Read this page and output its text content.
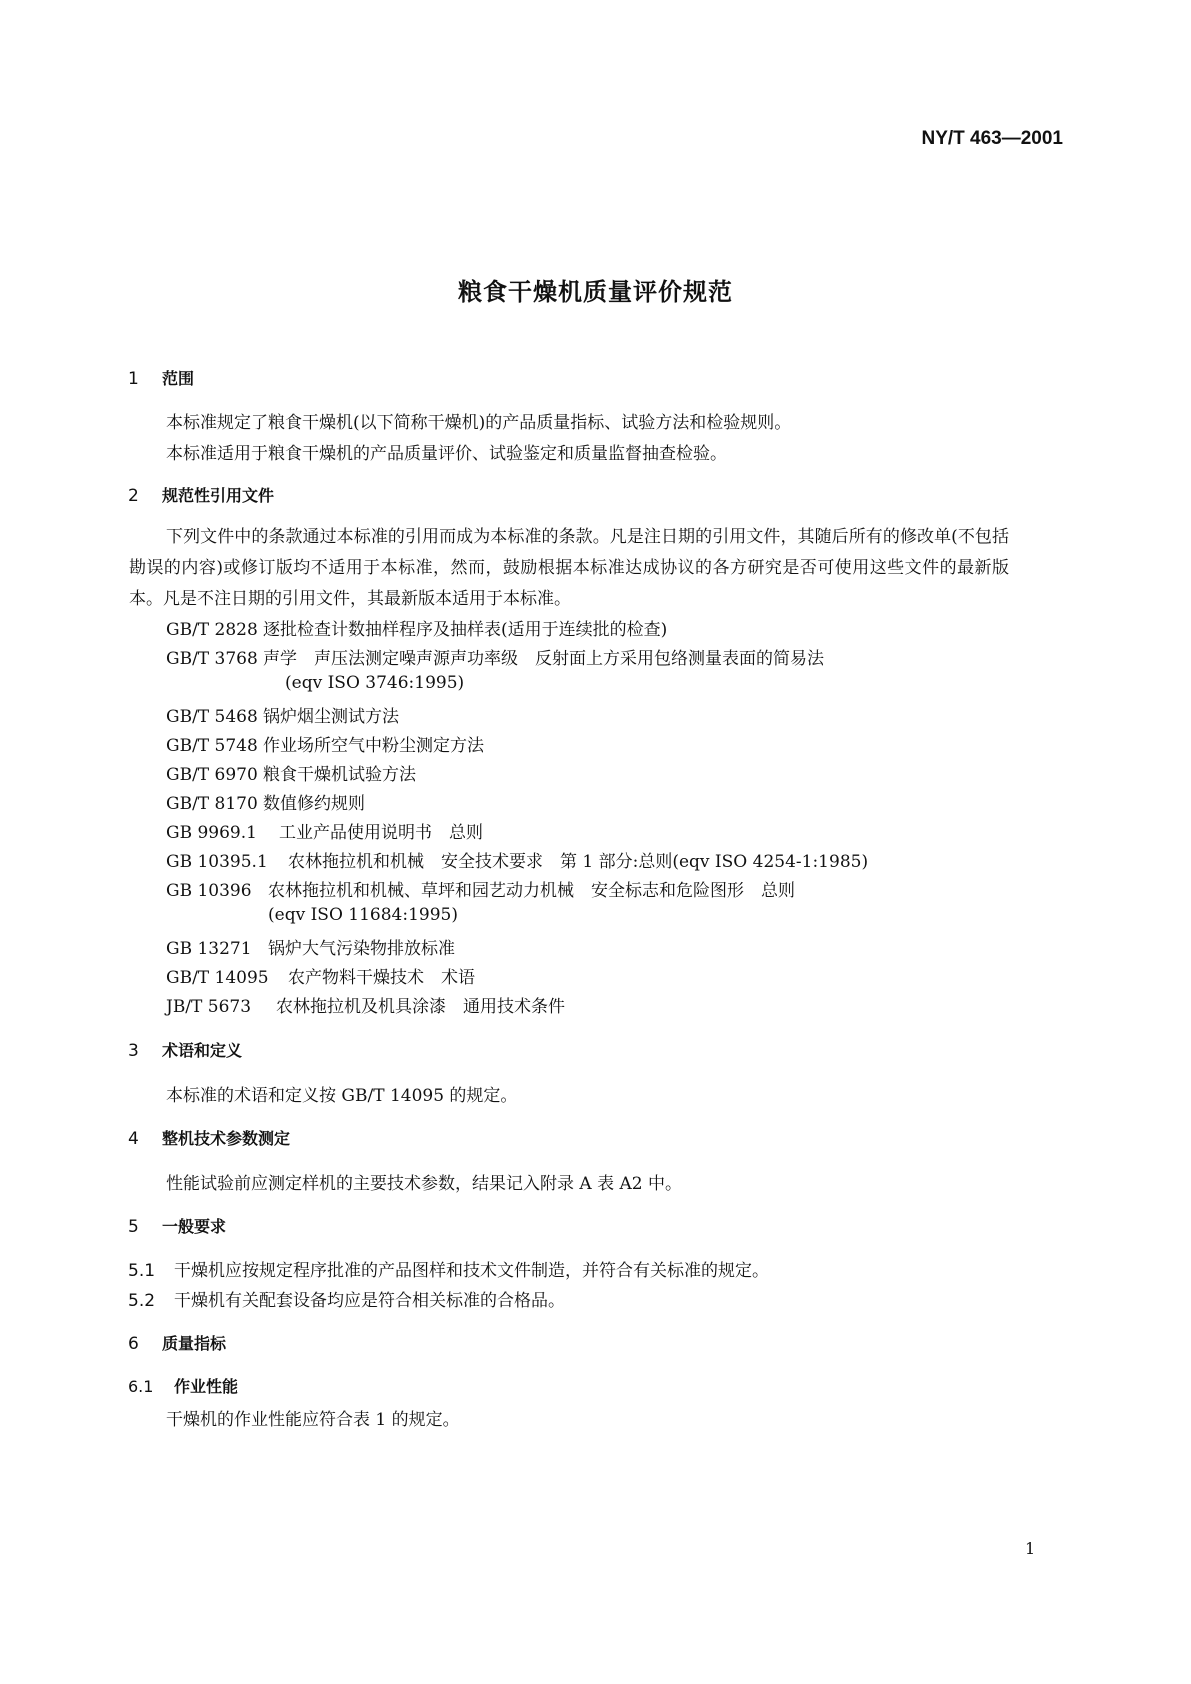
NY/T 463—2001
粮食干燥机质量评价规范
1 范围
本标准规定了粮食干燥机(以下简称干燥机)的产品质量指标、试验方法和检验规则。
本标准适用于粮食干燥机的产品质量评价、试验鉴定和质量监督抽查检验。
2 规范性引用文件
下列文件中的条款通过本标准的引用而成为本标准的条款。凡是注日期的引用文件，其随后所有的修改单(不包括勘误的内容)或修订版均不适用于本标准，然而，鼓励根据本标准达成协议的各方研究是否可使用这些文件的最新版本。凡是不注日期的引用文件，其最新版本适用于本标准。
GB/T 2828 逐批检查计数抽样程序及抽样表(适用于连续批的检查)
GB/T 3768 声学　声压法测定噪声源声功率级　反射面上方采用包络测量表面的简易法
(eqv ISO 3746:1995)
GB/T 5468 锅炉烟尘测试方法
GB/T 5748 作业场所空气中粉尘测定方法
GB/T 6970 粮食干燥机试验方法
GB/T 8170 数值修约规则
GB 9969.1 工业产品使用说明书　总则
GB 10395.1 农林拖拉机和机械　安全技术要求　第 1 部分:总则(eqv ISO 4254-1:1985)
GB 10396 农林拖拉机和机械、草坪和园艺动力机械　安全标志和危险图形　总则
(eqv ISO 11684:1995)
GB 13271 锅炉大气污染物排放标准
GB/T 14095 农产物料干燥技术　术语
JB/T 5673 农林拖拉机及机具涂漆　通用技术条件
3 术语和定义
本标准的术语和定义按 GB/T 14095 的规定。
4 整机技术参数测定
性能试验前应测定样机的主要技术参数，结果记入附录 A 表 A2 中。
5 一般要求
5.1 干燥机应按规定程序批准的产品图样和技术文件制造，并符合有关标准的规定。
5.2 干燥机有关配套设备均应是符合相关标准的合格品。
6 质量指标
6.1 作业性能
干燥机的作业性能应符合表 1 的规定。
1
